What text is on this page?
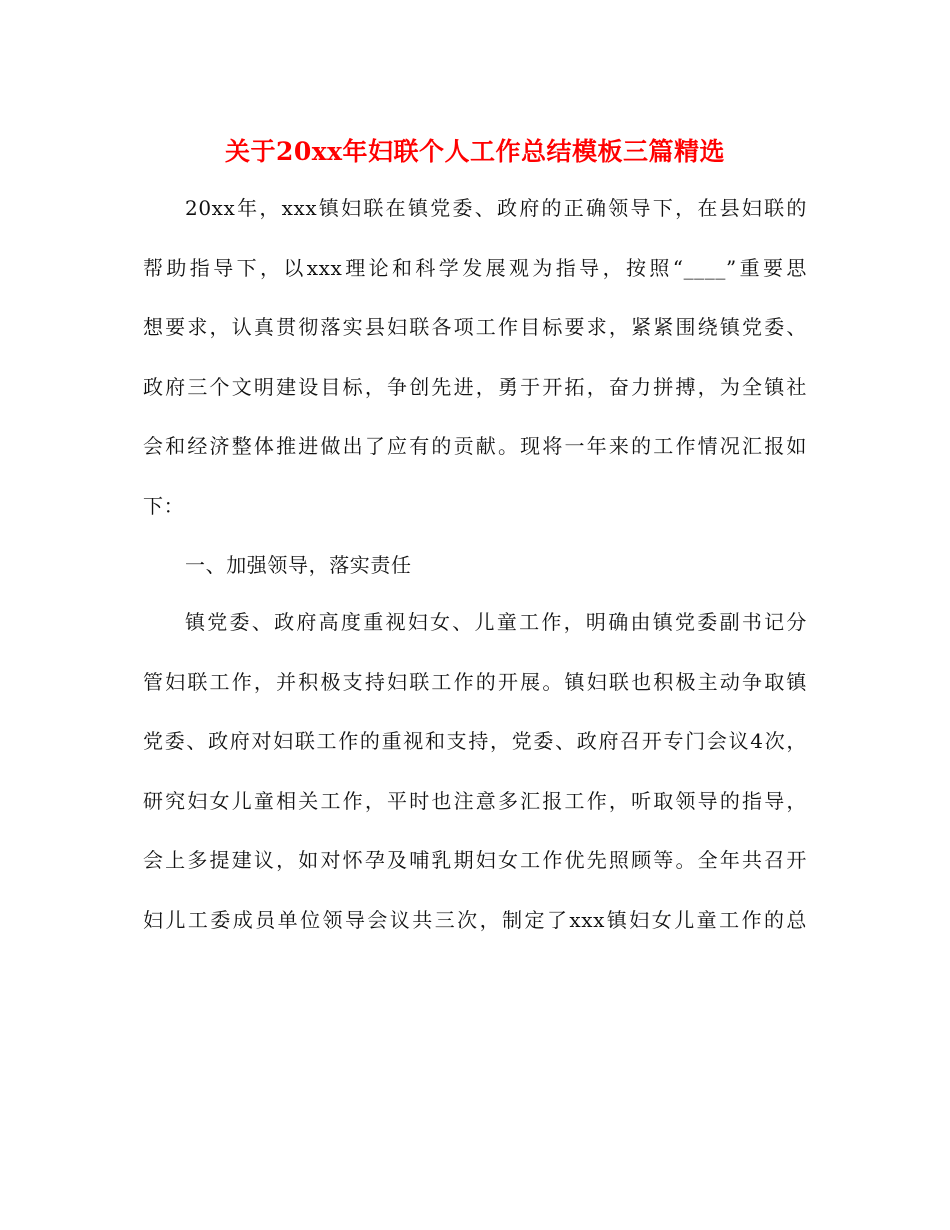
关于20xx年妇联个人工作总结模板三篇精选
20xx年，xxx镇妇联在镇党委、政府的正确领导下，在县妇联的
帮助指导下，以xxx理论和科学发展观为指导，按照“____”重要思
想要求，认真贯彻落实县妇联各项工作目标要求，紧紧围绕镇党委、
政府三个文明建设目标，争创先进，勇于开拓，奋力拼搏，为全镇社
会和经济整体推进做出了应有的贡献。现将一年来的工作情况汇报如
下：
一、加强领导，落实责任
镇党委、政府高度重视妇女、儿童工作，明确由镇党委副书记分
管妇联工作，并积极支持妇联工作的开展。镇妇联也积极主动争取镇
党委、政府对妇联工作的重视和支持，党委、政府召开专门会议4次，
研究妇女儿童相关工作，平时也注意多汇报工作，听取领导的指导，
会上多提建议，如对怀孕及哺乳期妇女工作优先照顾等。全年共召开
妇儿工委成员单位领导会议共三次，制定了xxx镇妇女儿童工作的总
